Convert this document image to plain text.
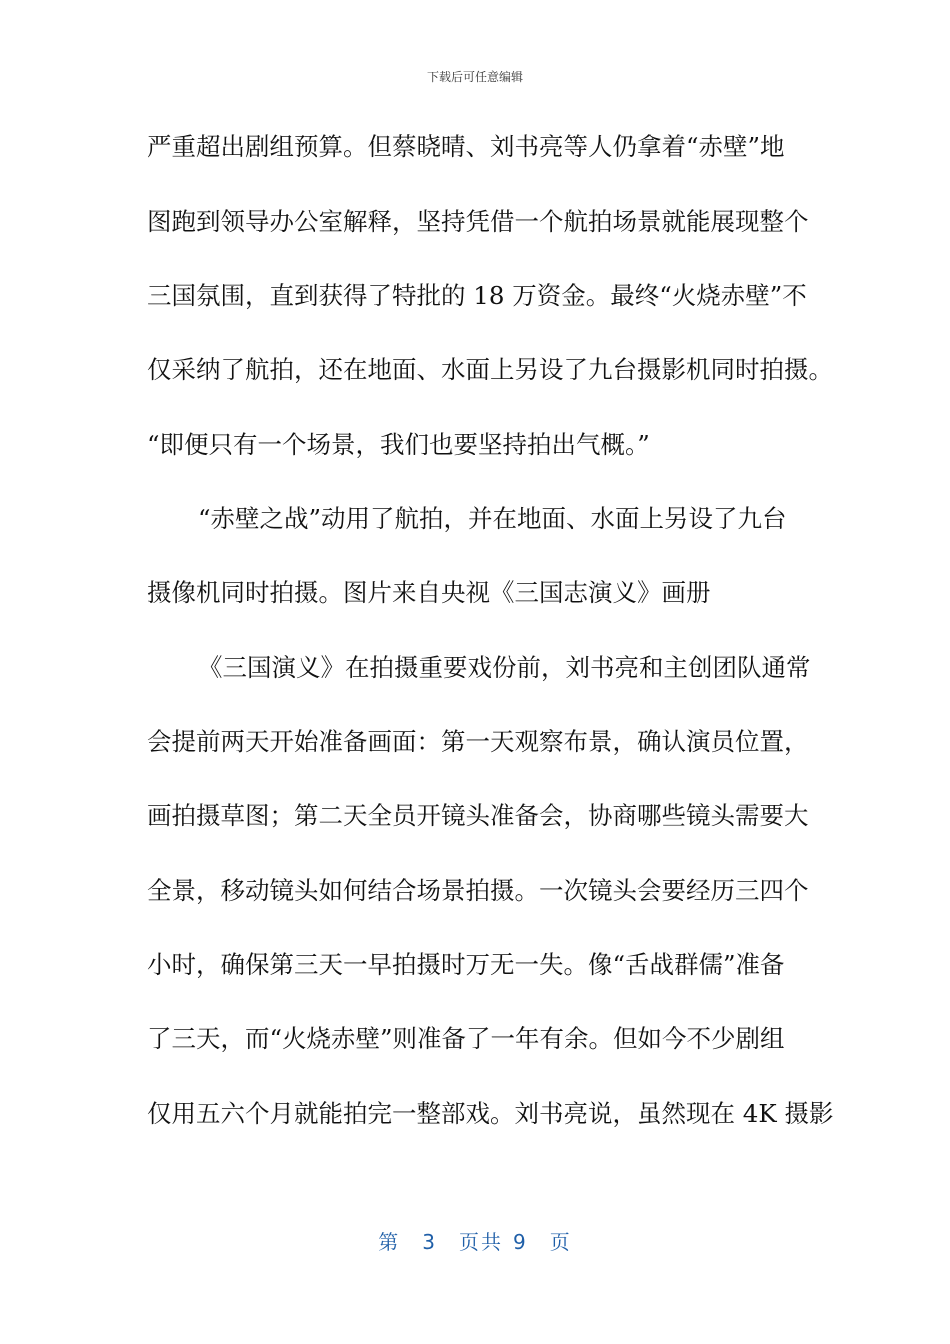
下载后可任意编辑
严重超出剧组预算。但蔡晓晴、刘书亮等人仍拿着“赤壁”地
图跑到领导办公室解释，坚持凭借一个航拍场景就能展现整个
三国氛围，直到获得了特批的 18 万资金。最终“火烧赤壁”不
仅采纳了航拍，还在地面、水面上另设了九台摄影机同时拍摄。
“即便只有一个场景，我们也要坚持拍出气概。”
“赤壁之战”动用了航拍，并在地面、水面上另设了九台
摄像机同时拍摄。图片来自央视《三国志演义》画册
《三国演义》在拍摄重要戏份前，刘书亮和主创团队通常
会提前两天开始准备画面：第一天观察布景，确认演员位置，
画拍摄草图；第二天全员开镜头准备会，协商哪些镜头需要大
全景，移动镜头如何结合场景拍摄。一次镜头会要经历三四个
小时，确保第三天一早拍摄时万无一失。像“舌战群儒”准备
了三天，而“火烧赤壁”则准备了一年有余。但如今不少剧组
仅用五六个月就能拍完一整部戏。刘书亮说，虽然现在 4K 摄影
第 3 页共 9 页
